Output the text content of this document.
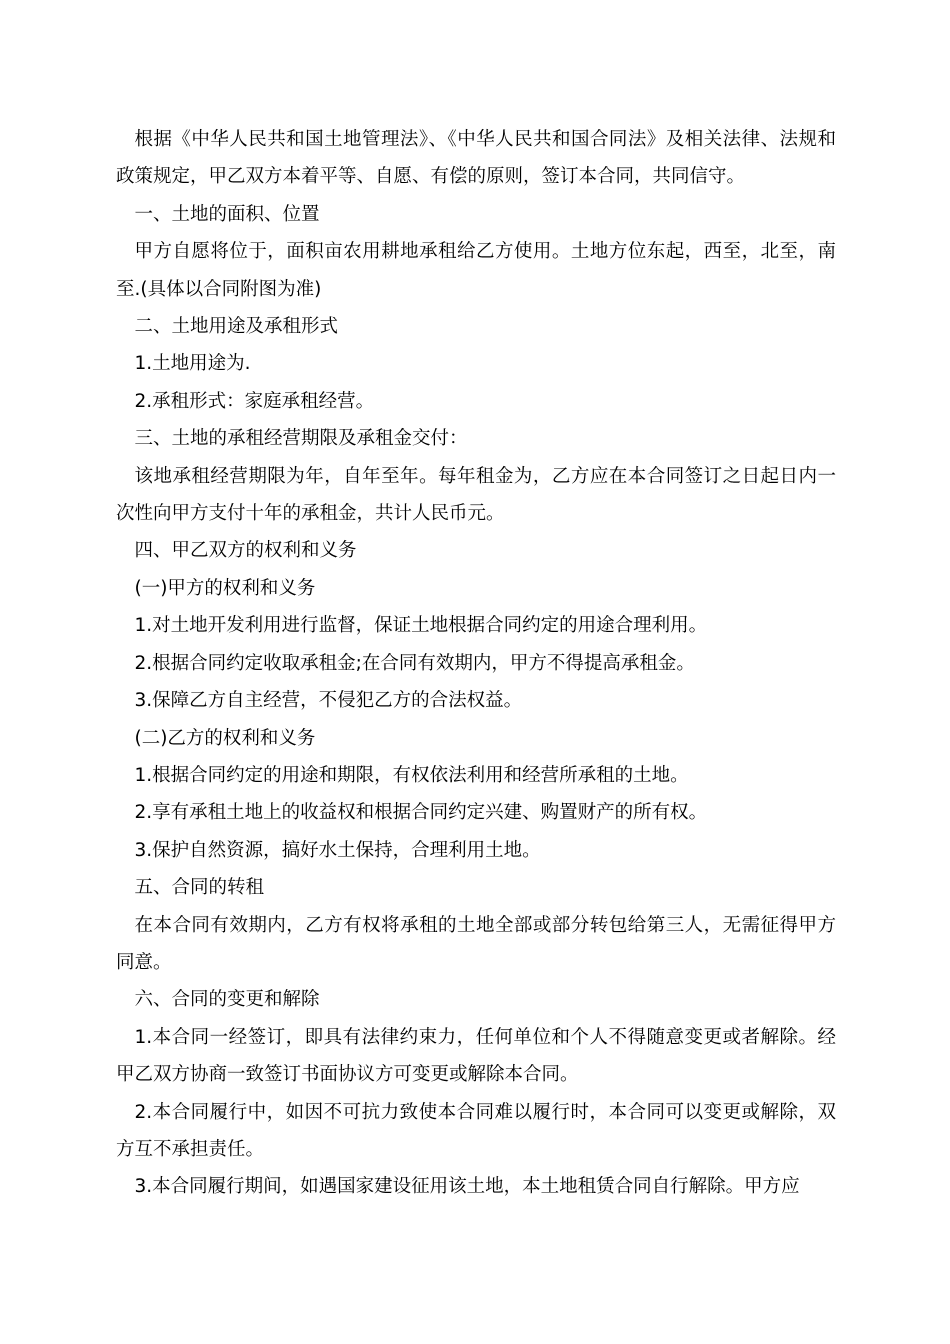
根据《中华人民共和国土地管理法》、《中华人民共和国合同法》及相关法律、法规和政策规定，甲乙双方本着平等、自愿、有偿的原则，签订本合同，共同信守。

一、土地的面积、位置

甲方自愿将位于，面积亩农用耕地承租给乙方使用。土地方位东起，西至，北至，南至.(具体以合同附图为准)

二、土地用途及承租形式

1.土地用途为.

2.承租形式：家庭承租经营。

三、土地的承租经营期限及承租金交付：

该地承租经营期限为年，自年至年。每年租金为，乙方应在本合同签订之日起日内一次性向甲方支付十年的承租金，共计人民币元。

四、甲乙双方的权利和义务

(一)甲方的权利和义务

1.对土地开发利用进行监督，保证土地根据合同约定的用途合理利用。

2.根据合同约定收取承租金;在合同有效期内，甲方不得提高承租金。

3.保障乙方自主经营，不侵犯乙方的合法权益。

(二)乙方的权利和义务

1.根据合同约定的用途和期限，有权依法利用和经营所承租的土地。

2.享有承租土地上的收益权和根据合同约定兴建、购置财产的所有权。

3.保护自然资源，搞好水土保持，合理利用土地。

五、合同的转租

在本合同有效期内，乙方有权将承租的土地全部或部分转包给第三人，无需征得甲方同意。

六、合同的变更和解除

1.本合同一经签订，即具有法律约束力，任何单位和个人不得随意变更或者解除。经甲乙双方协商一致签订书面协议方可变更或解除本合同。

2.本合同履行中，如因不可抗力致使本合同难以履行时，本合同可以变更或解除，双方互不承担责任。

3.本合同履行期间，如遇国家建设征用该土地，本土地租赁合同自行解除。甲方应
